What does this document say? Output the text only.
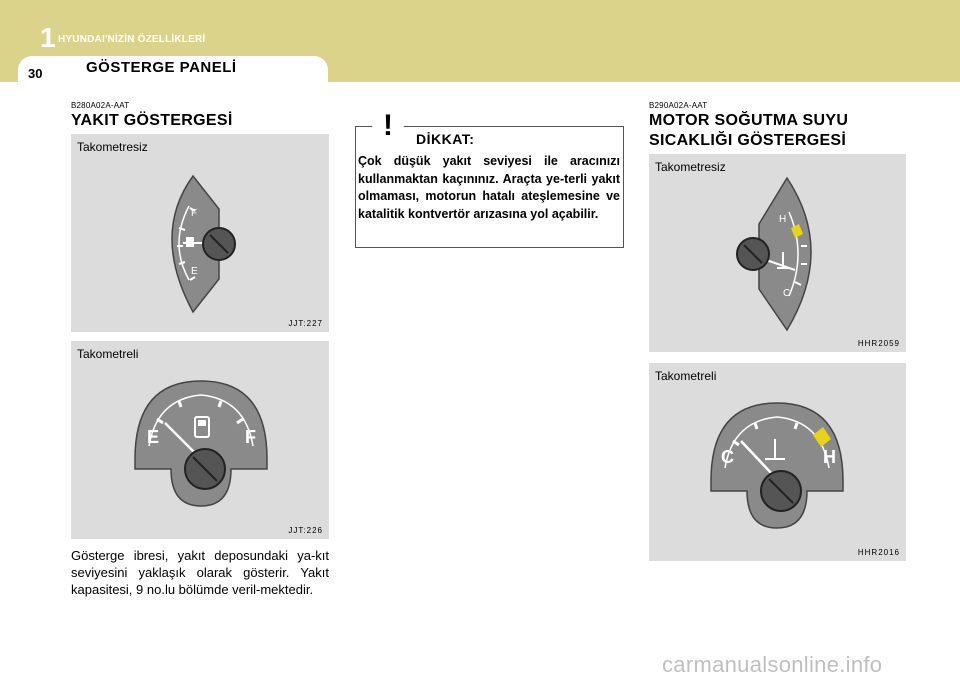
1 HYUNDAI'NİZİN ÖZELLİKLERİ
30	GÖSTERGE PANELİ
B280A02A-AAT
YAKIT GÖSTERGESİ
F
E
Takometresiz
JJT:227
E	F
Takometreli
JJT:226
Gösterge ibresi, yakıt deposundaki ya-kıt seviyesini yaklaşık olarak gösterir. Yakıt kapasitesi, 9 no.lu bölümde veril-mektedir.
! DİKKAT:
Çok düşük yakıt seviyesi ile aracınızı kullanmaktan kaçınınız. Araçta ye-terli yakıt olmaması, motorun hatalı ateşlemesine ve katalitik kontvertör arızasına yol açabilir.
B290A02A-AAT
MOTOR SOĞUTMA SUYU
SICAKLIĞI GÖSTERGESİ
H
C
Takometresiz
HHR2059
C	H
Takometreli
HHR2016
carmanualsonline.info
